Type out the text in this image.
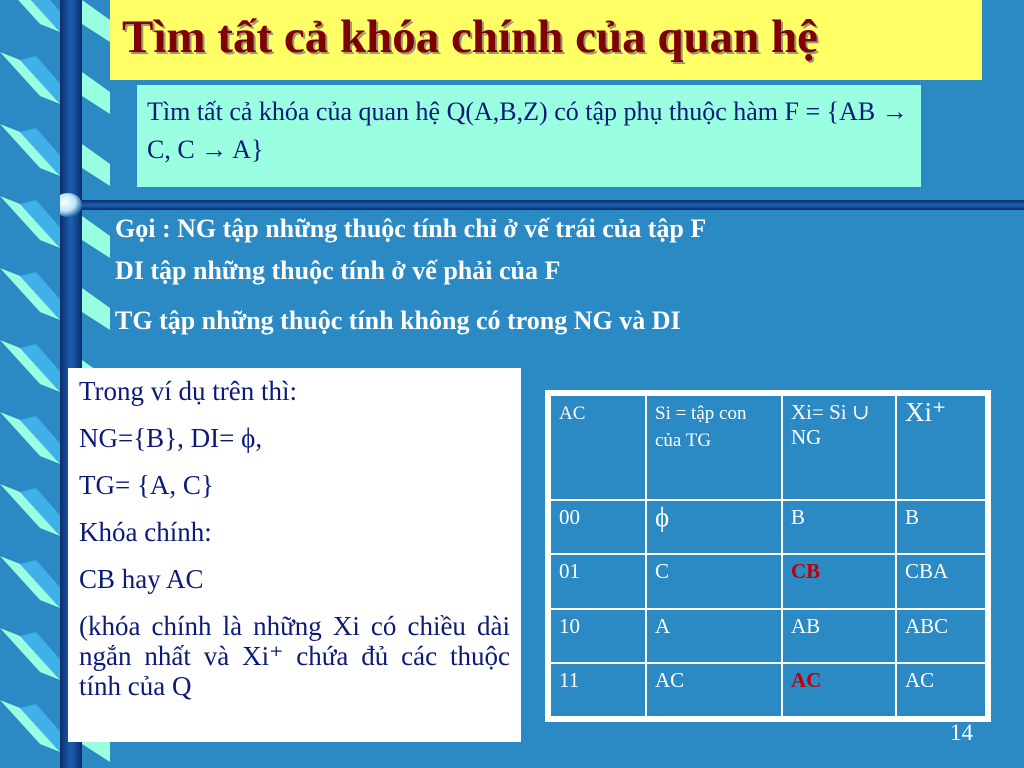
Tìm tất cả khóa chính của quan hệ
Tìm tất cả khóa của quan hệ Q(A,B,Z) có tập phụ thuộc hàm F = {AB → C, C → A}
Gọi : NG tập những thuộc tính chỉ ở vế trái của tập F
DI tập những thuộc tính ở vế phải của F
TG tập những thuộc tính không có trong NG và DI
Trong ví dụ trên thì:
NG={B}, DI= ϕ,
TG= {A, C}
Khóa chính:
CB hay AC
(khóa chính là những Xi có chiều dài ngắn nhất và Xi⁺ chứa đủ các thuộc tính của Q
AC	Si = tập con của TG	Xi= Si ∪ NG	Xi⁺
00	ϕ	B	B
01	C	CB	CBA
10	A	AB	ABC
11	AC	AC	AC
14
